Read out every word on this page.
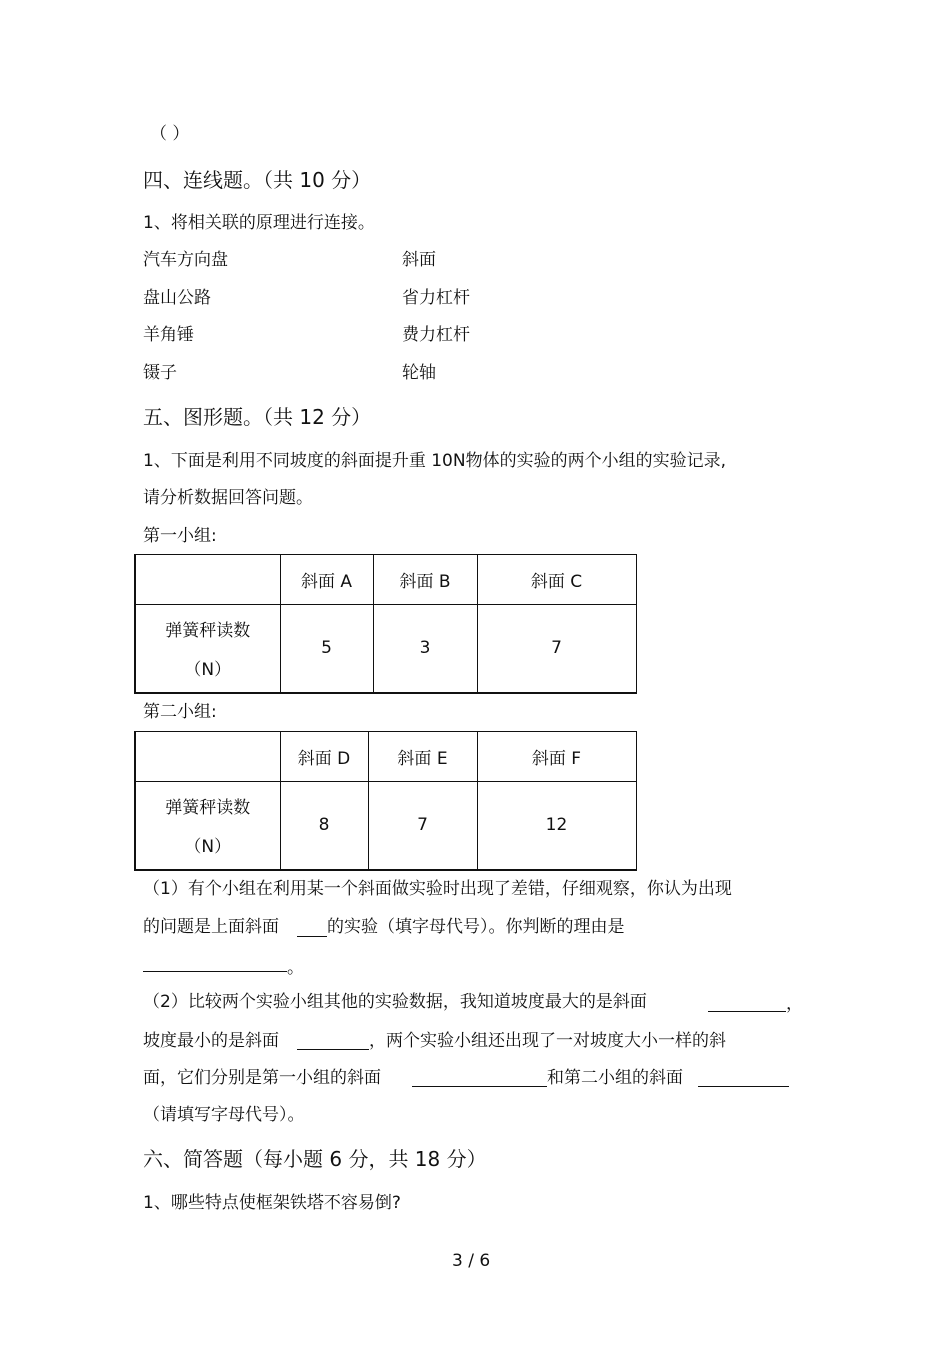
（ ）
四、连线题。（共 10 分）
1、将相关联的原理进行连接。
汽车方向盘	斜面
盘山公路	省力杠杆
羊角锤	费力杠杆
镊子	轮轴
五、图形题。（共 12 分）
1、下面是利用不同坡度的斜面提升重 10N物体的实验的两个小组的实验记录,
请分析数据回答问题。
第一小组:
	斜面 A	斜面 B	斜面 C
弹簧秤读数
（N）	5	3	7
第二小组:
	斜面 D	斜面 E	斜面 F
弹簧秤读数
（N）	8	7	12
（1）有个小组在利用某一个斜面做实验时出现了差错，仔细观察，你认为出现
的问题是上面斜面	的实验（填字母代号）。你判断的理由是
。
（2）比较两个实验小组其他的实验数据，我知道坡度最大的是斜面	，
坡度最小的是斜面	，两个实验小组还出现了一对坡度大小一样的斜
面，它们分别是第一小组的斜面	和第二小组的斜面
（请填写字母代号）。
六、简答题（每小题 6 分，共 18 分）
1、哪些特点使框架铁塔不容易倒?
3 / 6
